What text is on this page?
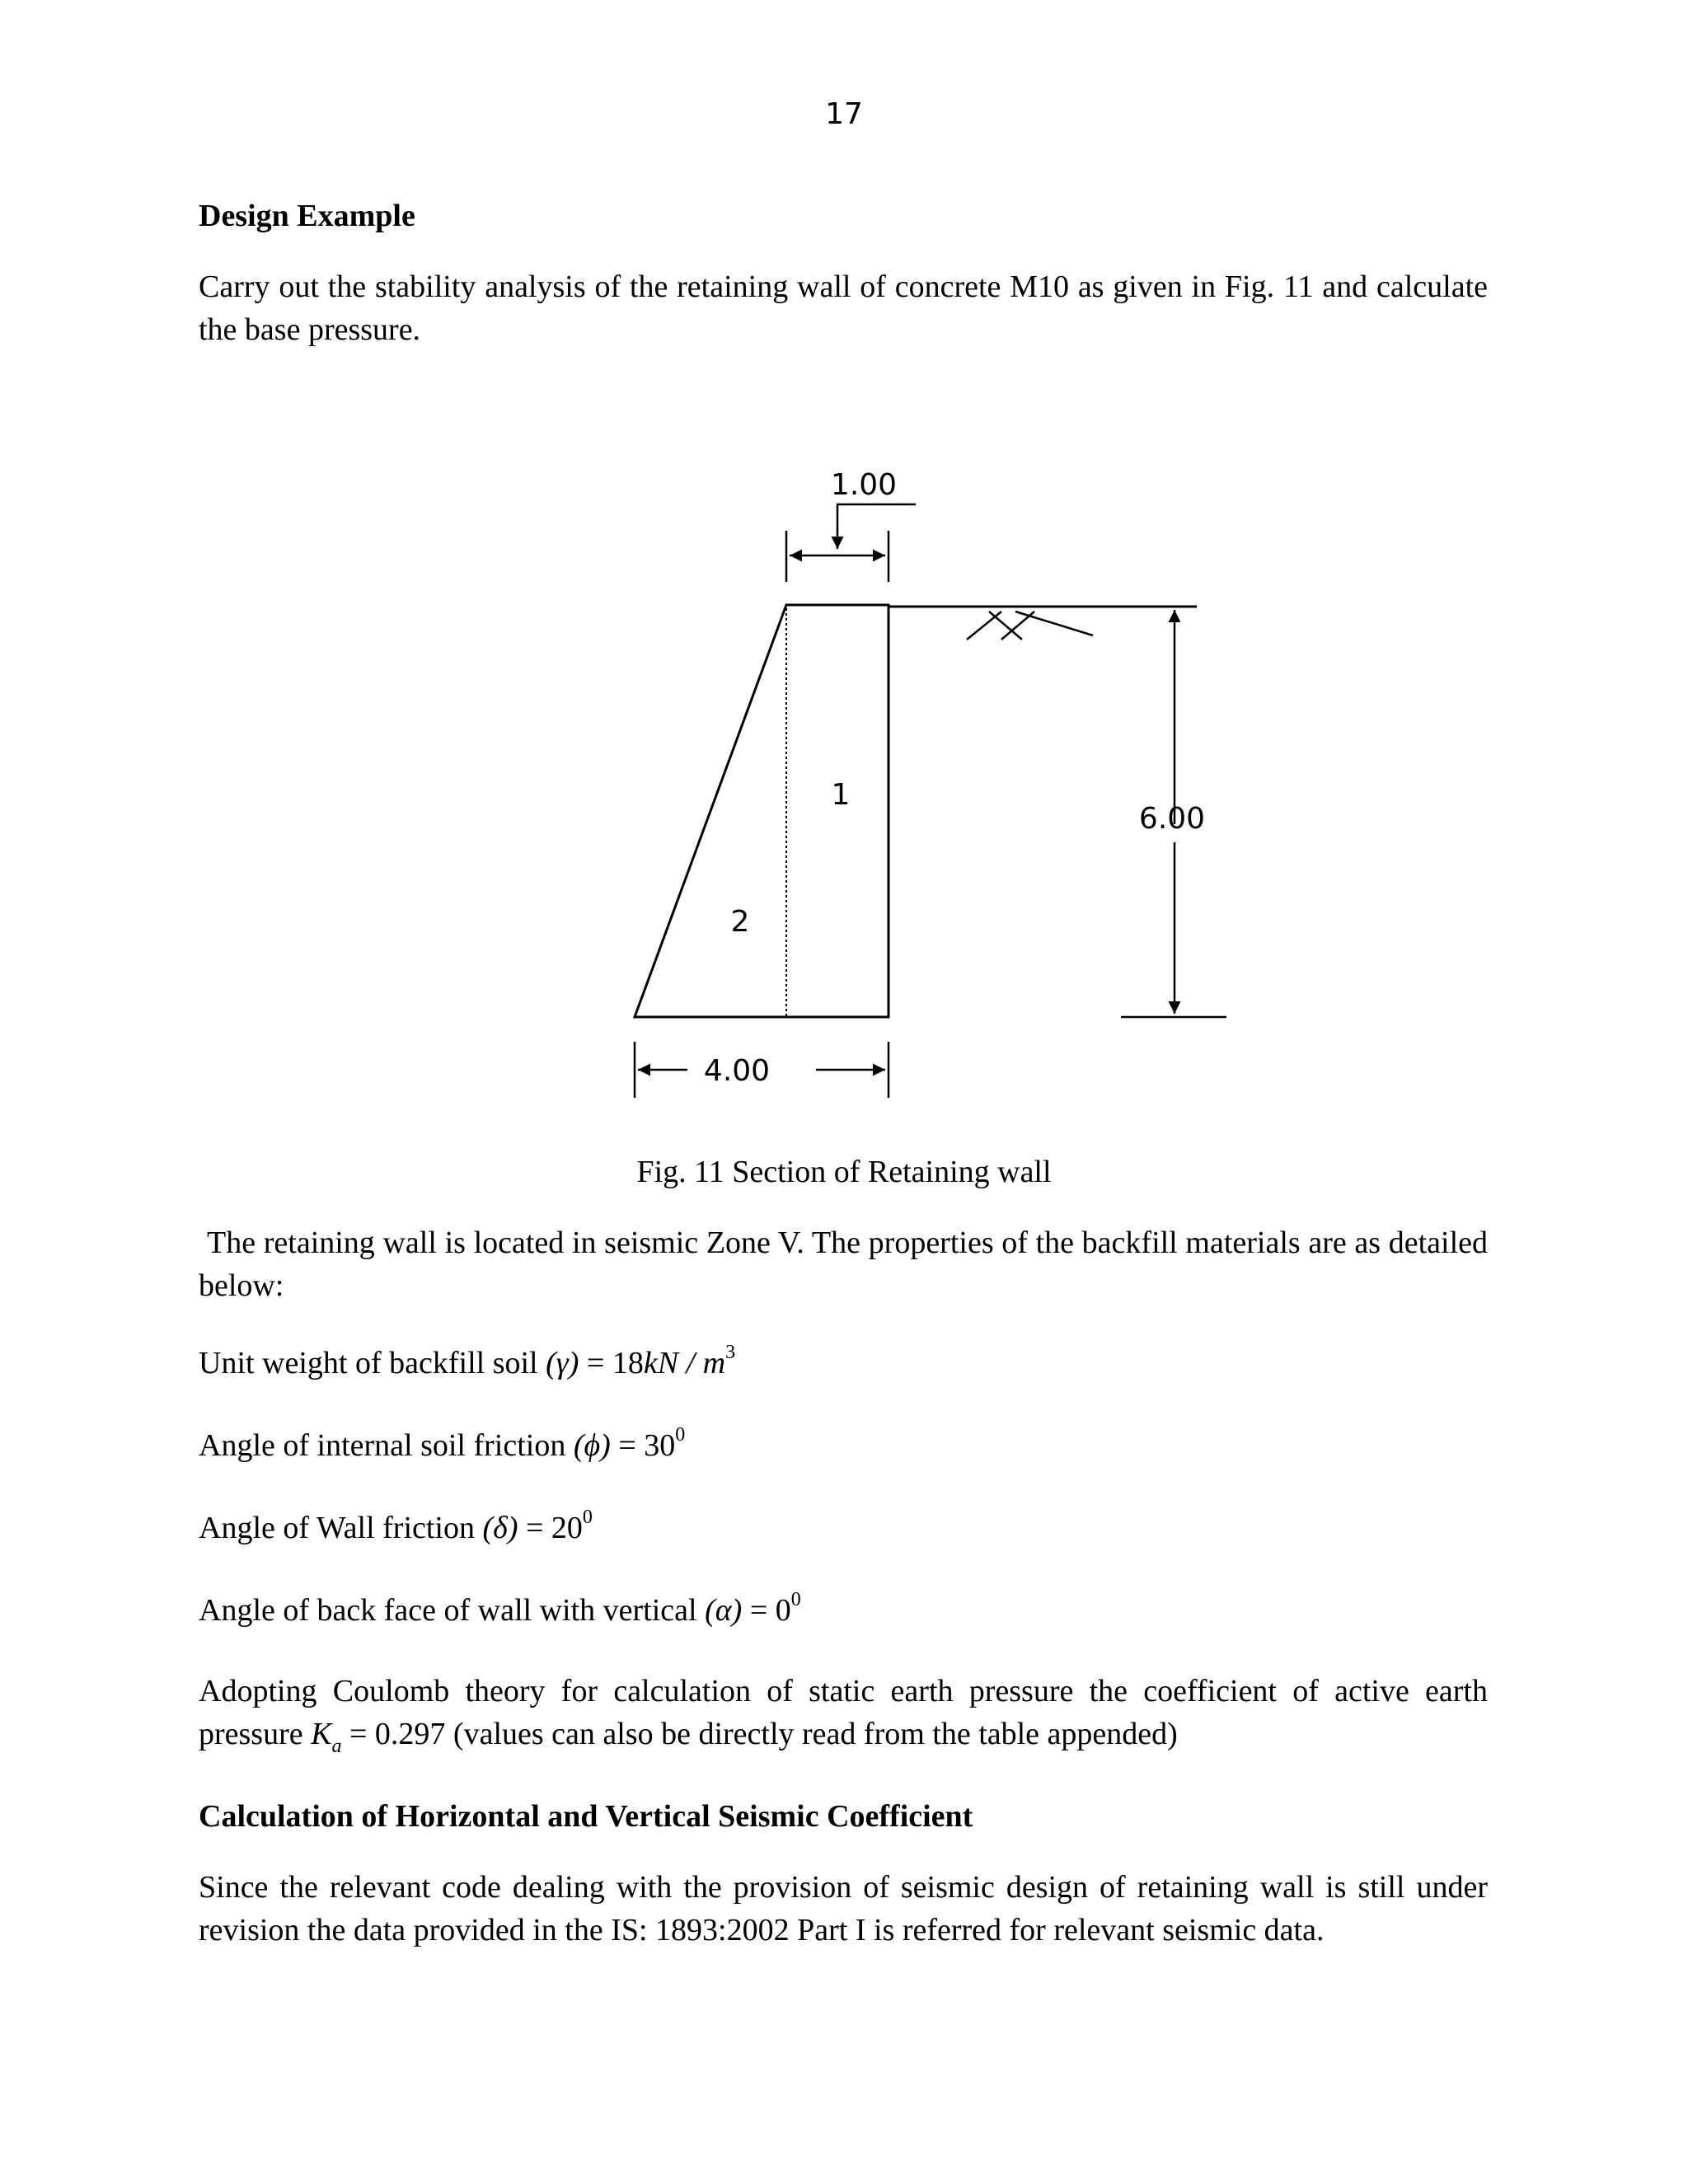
17
Design Example
Carry out the stability analysis of the retaining wall of concrete M10 as given in Fig. 11 and calculate the base pressure.
1.00
6.00
4.00
1
2
Fig. 11 Section of Retaining wall
The retaining wall is located in seismic Zone V. The properties of the backfill materials are as detailed below:
Unit weight of backfill soil $(\gamma) = 18kN / m^3$
Angle of internal soil friction $(\phi) = 30^0$
Angle of Wall friction $(\delta) = 20^0$
Angle of back face of wall with vertical $(\alpha) = 0^0$
Adopting Coulomb theory for calculation of static earth pressure the coefficient of active earth pressure $K_a = 0.297$ (values can also be directly read from the table appended)
Calculation of Horizontal and Vertical Seismic Coefficient
Since the relevant code dealing with the provision of seismic design of retaining wall is still under revision the data provided in the IS: 1893:2002 Part I is referred for relevant seismic data.
